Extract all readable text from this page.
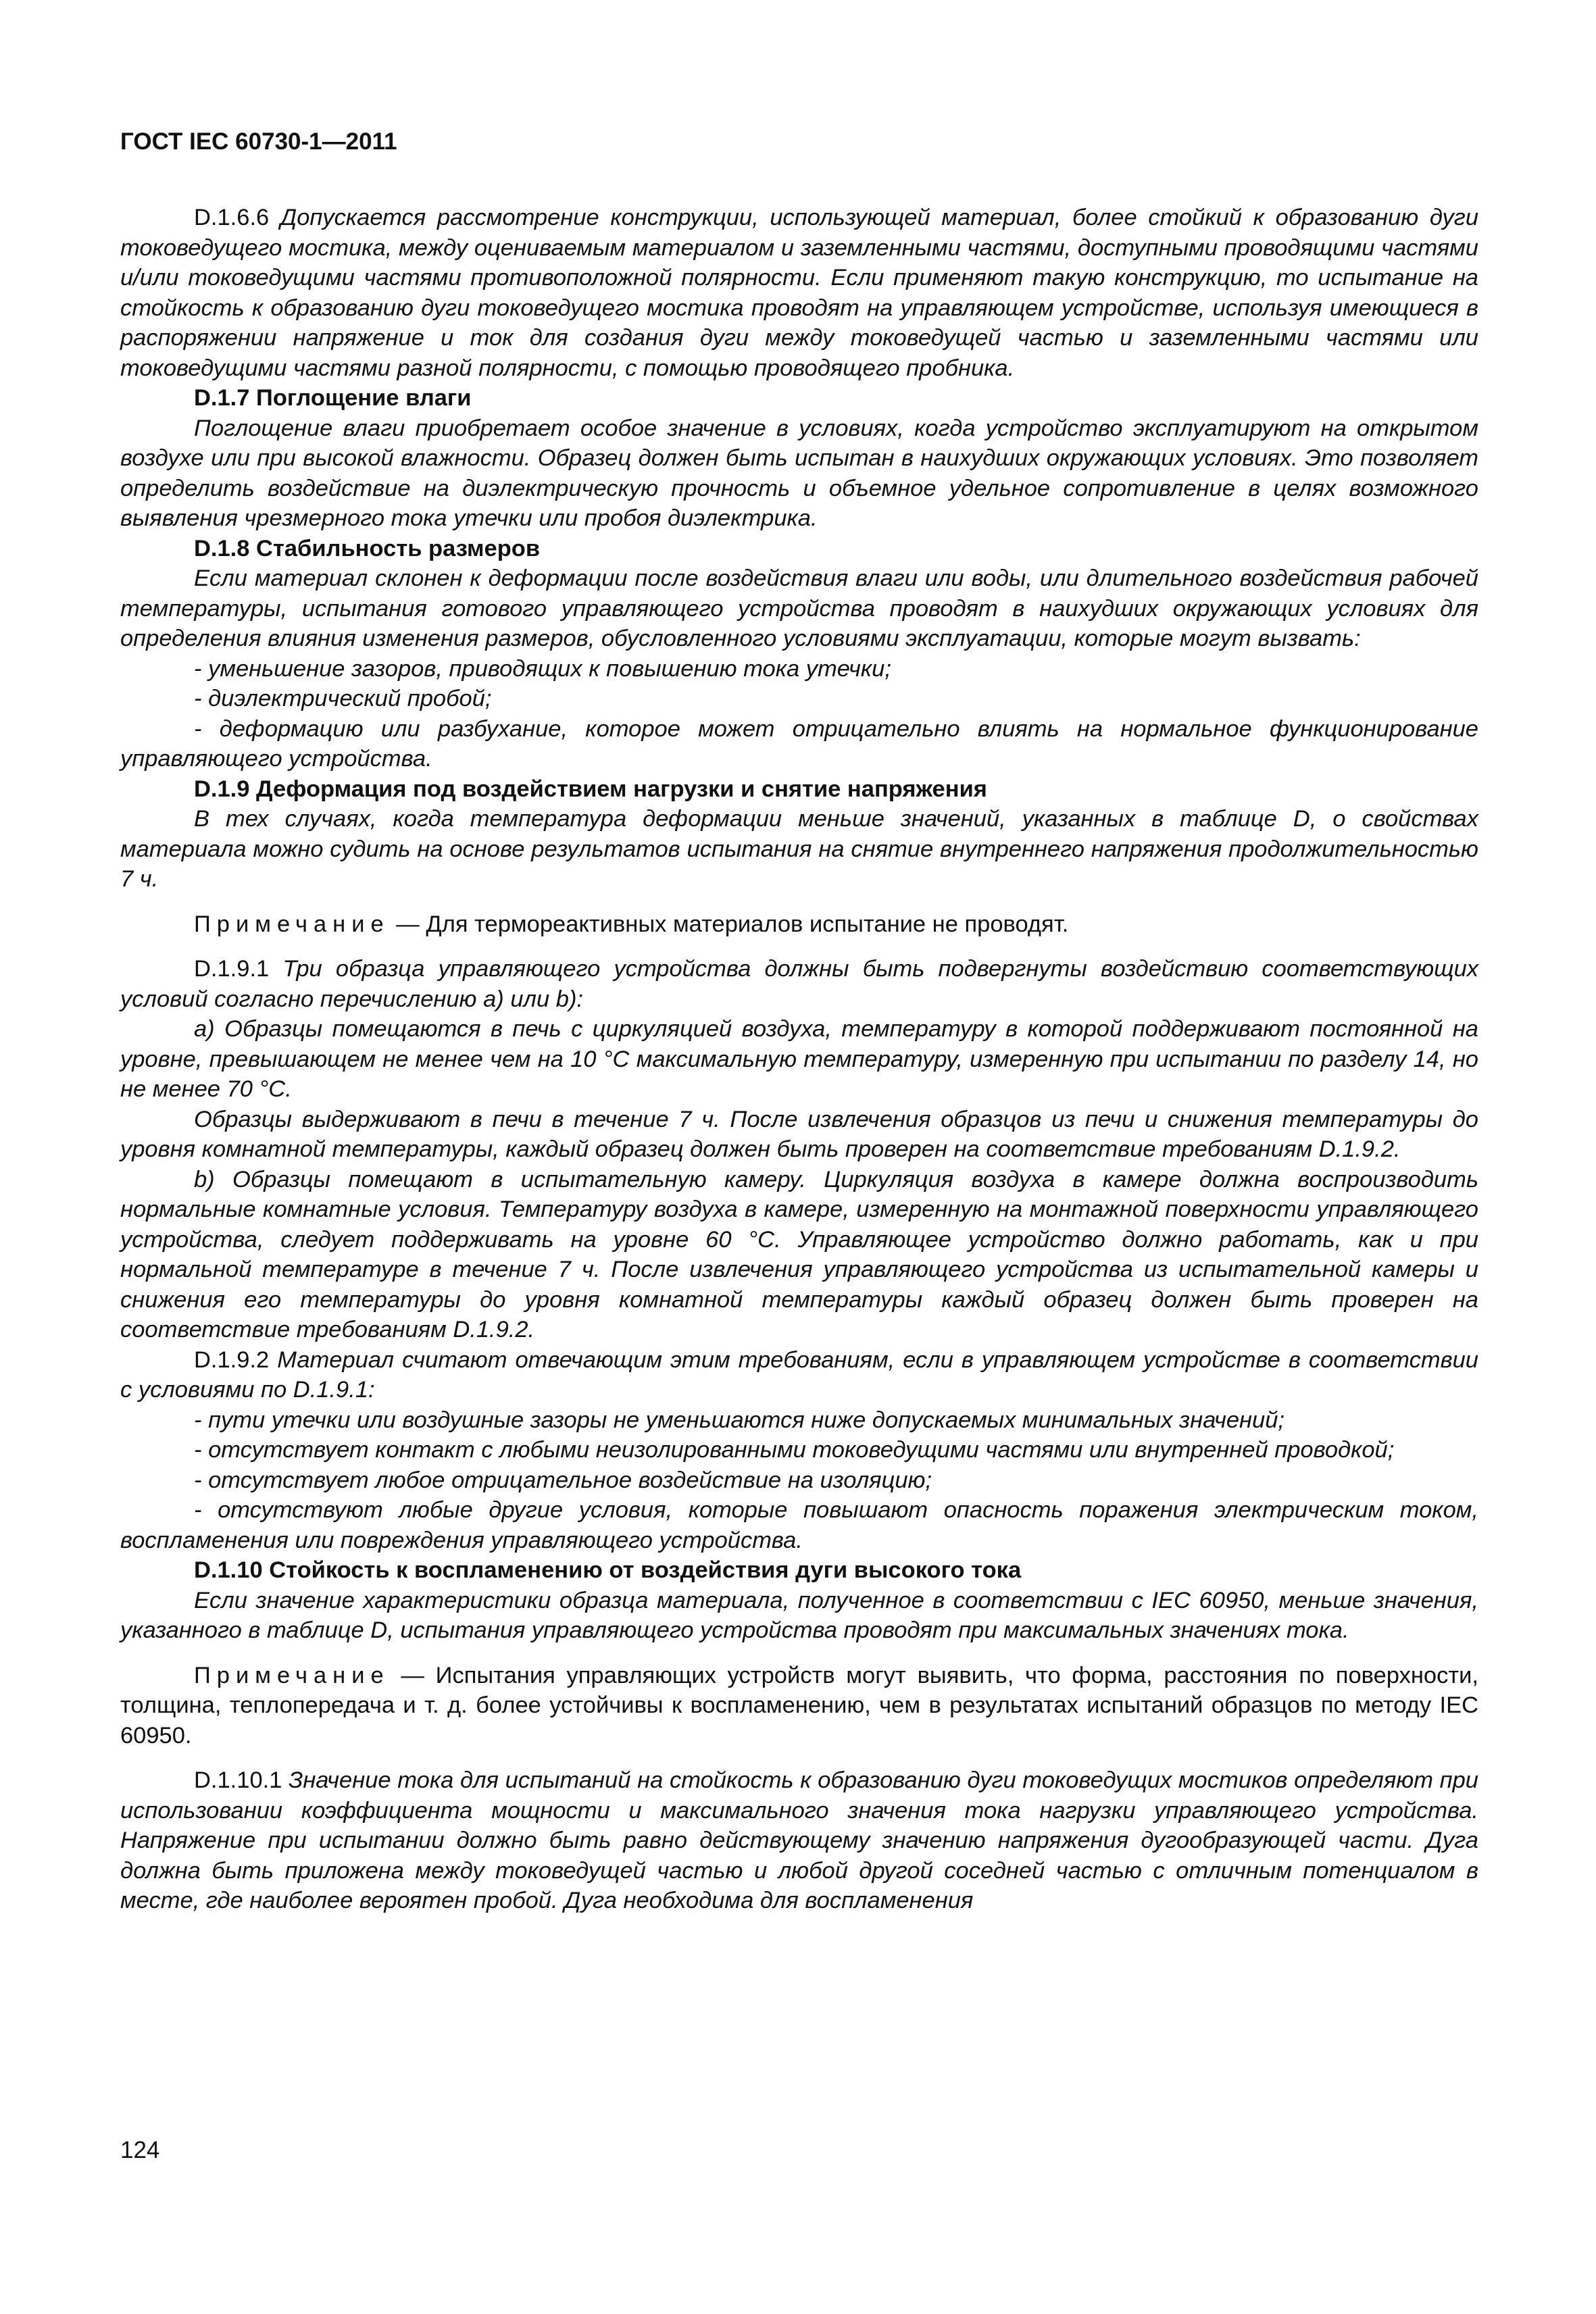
ГОСТ IEC 60730-1—2011

D.1.6.6 Допускается рассмотрение конструкции, использующей материал, более стойкий к образованию дуги токоведущего мостика, между оцениваемым материалом и заземленными частями, доступными проводящими частями и/или токоведущими частями противоположной полярности. Если применяют такую конструкцию, то испытание на стойкость к образованию дуги токоведущего мостика проводят на управляющем устройстве, используя имеющиеся в распоряжении напряжение и ток для создания дуги между токоведущей частью и заземленными частями или токоведущими частями разной полярности, с помощью проводящего пробника.

D.1.7 Поглощение влаги

Поглощение влаги приобретает особое значение в условиях, когда устройство эксплуатируют на открытом воздухе или при высокой влажности. Образец должен быть испытан в наихудших окружающих условиях. Это позволяет определить воздействие на диэлектрическую прочность и объемное удельное сопротивление в целях возможного выявления чрезмерного тока утечки или пробоя диэлектрика.

D.1.8 Стабильность размеров

Если материал склонен к деформации после воздействия влаги или воды, или длительного воздействия рабочей температуры, испытания готового управляющего устройства проводят в наихудших окружающих условиях для определения влияния изменения размеров, обусловленного условиями эксплуатации, которые могут вызвать:

- уменьшение зазоров, приводящих к повышению тока утечки;

- диэлектрический пробой;

- деформацию или разбухание, которое может отрицательно влиять на нормальное функционирование управляющего устройства.

D.1.9 Деформация под воздействием нагрузки и снятие напряжения

В тех случаях, когда температура деформации меньше значений, указанных в таблице D, о свойствах материала можно судить на основе результатов испытания на снятие внутреннего напряжения продолжительностью 7 ч.

Примечание — Для термореактивных материалов испытание не проводят.

D.1.9.1 Три образца управляющего устройства должны быть подвергнуты воздействию соответствующих условий согласно перечислению а) или b):

а) Образцы помещаются в печь с циркуляцией воздуха, температуру в которой поддерживают постоянной на уровне, превышающем не менее чем на 10 °С максимальную температуру, измеренную при испытании по разделу 14, но не менее 70 °С.

Образцы выдерживают в печи в течение 7 ч. После извлечения образцов из печи и снижения температуры до уровня комнатной температуры, каждый образец должен быть проверен на соответствие требованиям D.1.9.2.

b) Образцы помещают в испытательную камеру. Циркуляция воздуха в камере должна воспроизводить нормальные комнатные условия. Температуру воздуха в камере, измеренную на монтажной поверхности управляющего устройства, следует поддерживать на уровне 60 °С. Управляющее устройство должно работать, как и при нормальной температуре в течение 7 ч. После извлечения управляющего устройства из испытательной камеры и снижения его температуры до уровня комнатной температуры каждый образец должен быть проверен на соответствие требованиям D.1.9.2.

D.1.9.2 Материал считают отвечающим этим требованиям, если в управляющем устройстве в соответствии с условиями по D.1.9.1:

- пути утечки или воздушные зазоры не уменьшаются ниже допускаемых минимальных значений;

- отсутствует контакт с любыми неизолированными токоведущими частями или внутренней проводкой;

- отсутствует любое отрицательное воздействие на изоляцию;

- отсутствуют любые другие условия, которые повышают опасность поражения электрическим током, воспламенения или повреждения управляющего устройства.

D.1.10 Стойкость к воспламенению от воздействия дуги высокого тока

Если значение характеристики образца материала, полученное в соответствии с IEC 60950, меньше значения, указанного в таблице D, испытания управляющего устройства проводят при максимальных значениях тока.

Примечание — Испытания управляющих устройств могут выявить, что форма, расстояния по поверхности, толщина, теплопередача и т. д. более устойчивы к воспламенению, чем в результатах испытаний образцов по методу IEC 60950.

D.1.10.1 Значение тока для испытаний на стойкость к образованию дуги токоведущих мостиков определяют при использовании коэффициента мощности и максимального значения тока нагрузки управляющего устройства. Напряжение при испытании должно быть равно действующему значению напряжения дугообразующей части. Дуга должна быть приложена между токоведущей частью и любой другой соседней частью с отличным потенциалом в месте, где наиболее вероятен пробой. Дуга необходима для воспламенения

124
